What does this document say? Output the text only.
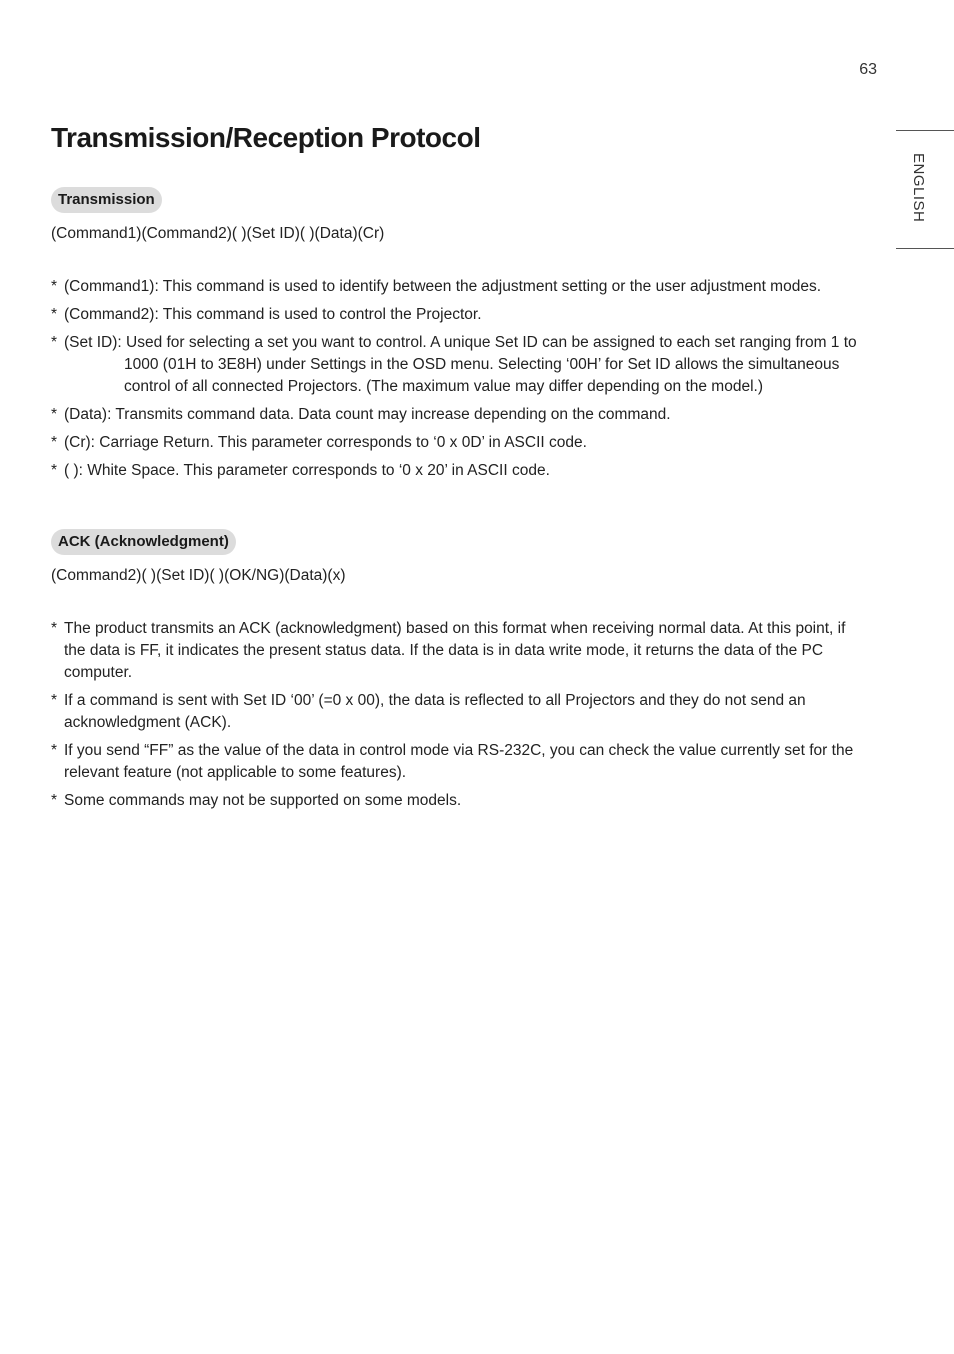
63
ENGLISH
Transmission/Reception Protocol
Transmission
(Command1)(Command2)( )(Set ID)( )(Data)(Cr)
* (Command1): This command is used to identify between the adjustment setting or the user adjustment modes.
* (Command2): This command is used to control the Projector.
* (Set ID): Used for selecting a set you want to control. A unique Set ID can be assigned to each set ranging from 1 to 1000 (01H to 3E8H) under Settings in the OSD menu. Selecting ‘00H’ for Set ID allows the simultaneous control of all connected Projectors. (The maximum value may differ depending on the model.)
* (Data): Transmits command data. Data count may increase depending on the command.
* (Cr): Carriage Return. This parameter corresponds to ‘0 x 0D’ in ASCII code.
* ( ): White Space. This parameter corresponds to ‘0 x 20’ in ASCII code.
ACK (Acknowledgment)
(Command2)( )(Set ID)( )(OK/NG)(Data)(x)
* The product transmits an ACK (acknowledgment) based on this format when receiving normal data. At this point, if the data is FF, it indicates the present status data. If the data is in data write mode, it returns the data of the PC computer.
* If a command is sent with Set ID ‘00’ (=0 x 00), the data is reflected to all Projectors and they do not send an acknowledgment (ACK).
* If you send “FF” as the value of the data in control mode via RS-232C, you can check the value currently set for the relevant feature (not applicable to some features).
* Some commands may not be supported on some models.
